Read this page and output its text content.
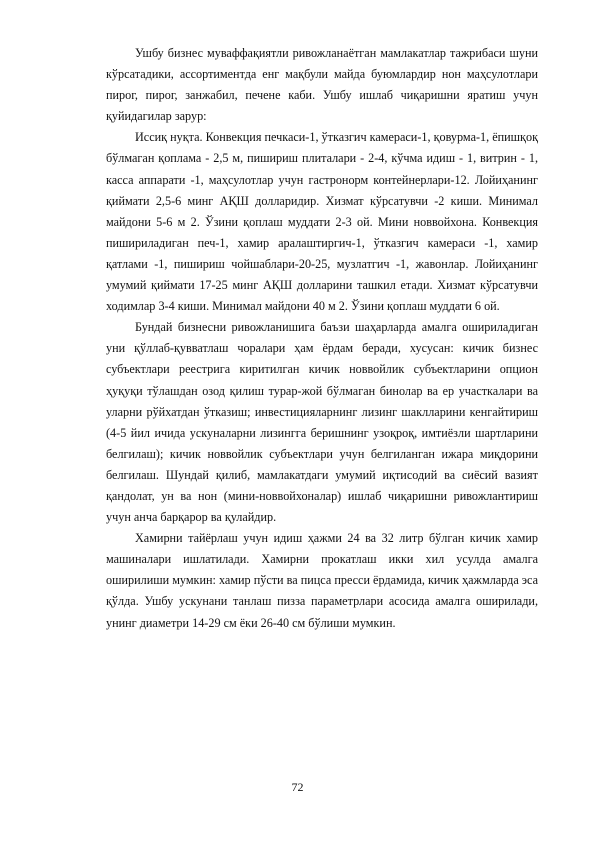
Ушбу бизнес муваффақиятли ривожланаётган мамлакатлар тажрибаси шуни кўрсатадики, ассортиментда енг мақбули майда буюмлардир нон маҳсулотлари пирог, пирог, занжабил, печене каби. Ушбу ишлаб чиқаришни яратиш учун қуйидагилар зарур:

Иссиқ нуқта. Конвекция печкаси-1, ўтказгич камераси-1, қовурма-1, ёпишқоқ бўлмаган қоплама - 2,5 м, пишириш плиталари - 2-4, кўчма идиш - 1, витрин - 1, касса аппарати -1, маҳсулотлар учун гастронорм контейнерлари-12. Лойиҳанинг қиймати 2,5-6 минг АҚШ долларидир. Хизмат кўрсатувчи -2 киши. Минимал майдони 5-6 м 2. Ўзини қоплаш муддати 2-3 ой. Мини новвойхона. Конвекция пишириладиган печ-1, хамир аралаштиргич-1, ўтказгич камераси -1, хамир қатлами -1, пишириш чойшаблари-20-25, музлатгич -1, жавонлар. Лойиҳанинг умумий қиймати 17-25 минг АҚШ долларини ташкил етади. Хизмат кўрсатувчи ходимлар 3-4 киши. Минимал майдони 40 м 2. Ўзини қоплаш муддати 6 ой.

Бундай бизнесни ривожланишига баъзи шаҳарларда амалга ошириладиган уни қўллаб-қувватлаш чоралари ҳам ёрдам беради, хусусан: кичик бизнес субъектлари реестрига киритилган кичик новвойлик субъектларини опцион ҳуқуқи тўлашдан озод қилиш турар-жой бўлмаган бинолар ва ер участкалари ва уларни рўйхатдан ўтказиш; инвестицияларнинг лизинг шаклларини кенгайтириш (4-5 йил ичида ускуналарни лизингга беришнинг узоқроқ, имтиёзли шартларини белгилаш); кичик новвойлик субъектлари учун белгиланган ижара миқдорини белгилаш. Шундай қилиб, мамлакатдаги умумий иқтисодий ва сиёсий вазият қандолат, ун ва нон (мини-новвойхоналар) ишлаб чиқаришни ривожлантириш учун анча барқарор ва қулайдир.

Хамирни тайёрлаш учун идиш ҳажми 24 ва 32 литр бўлган кичик хамир машиналари ишлатилади. Хамирни прокатлаш икки хил усулда амалга оширилиши мумкин: хамир пўсти ва пицса пресси ёрдамида, кичик ҳажмларда эса қўлда. Ушбу ускунани танлаш пизза параметрлари асосида амалга оширилади, унинг диаметри 14-29 см ёки 26-40 см бўлиши мумкин.

72
